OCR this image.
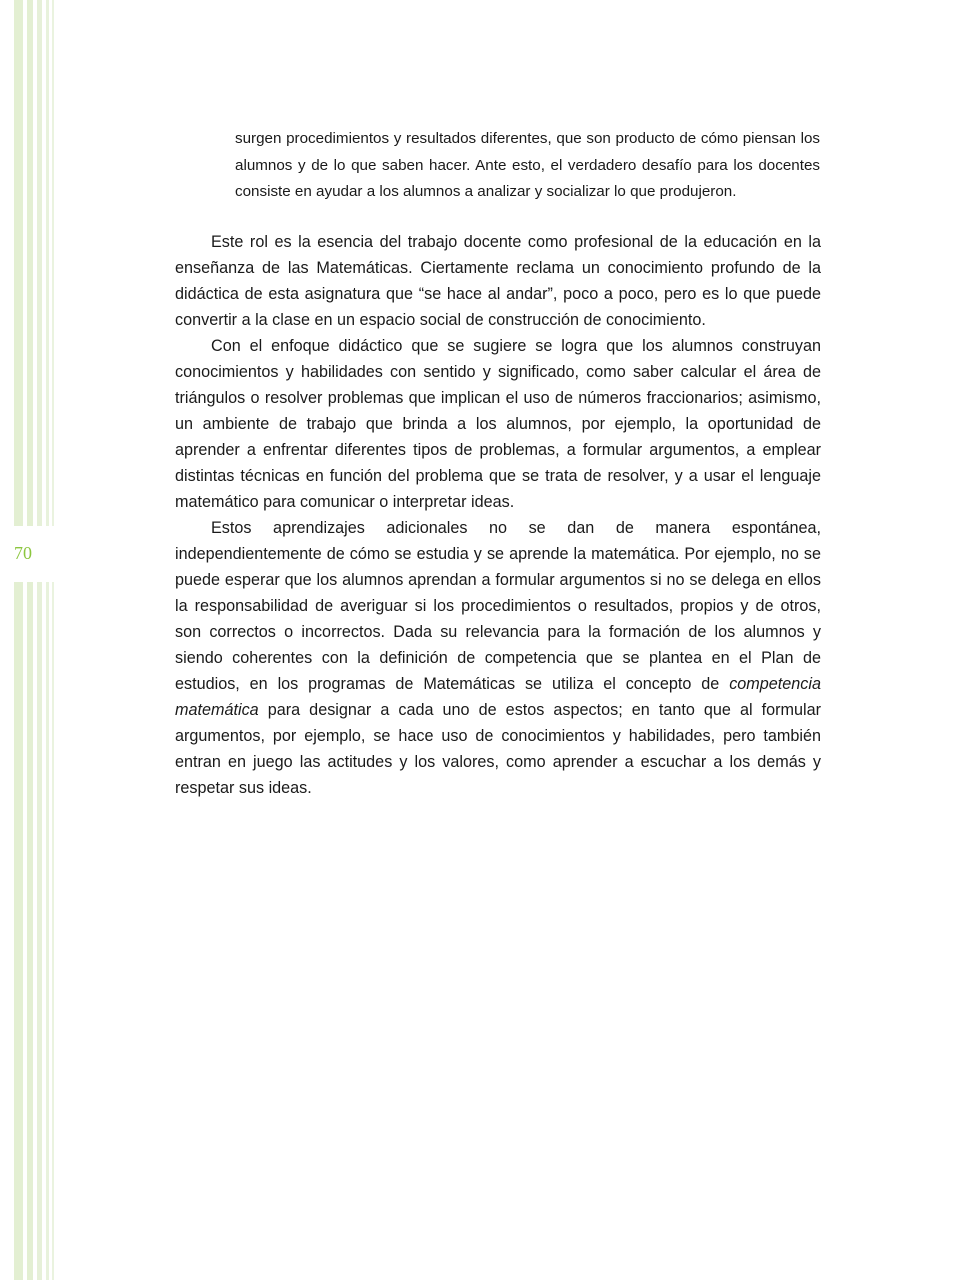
70
surgen procedimientos y resultados diferentes, que son producto de cómo piensan los alumnos y de lo que saben hacer. Ante esto, el verdadero desafío para los docentes consiste en ayudar a los alumnos a analizar y socializar lo que produjeron.

Este rol es la esencia del trabajo docente como profesional de la educación en la enseñanza de las Matemáticas. Ciertamente reclama un conocimiento profundo de la didáctica de esta asignatura que “se hace al andar”, poco a poco, pero es lo que puede convertir a la clase en un espacio social de construcción de conocimiento.

Con el enfoque didáctico que se sugiere se logra que los alumnos construyan conocimientos y habilidades con sentido y significado, como saber calcular el área de triángulos o resolver problemas que implican el uso de números fraccionarios; asimismo, un ambiente de trabajo que brinda a los alumnos, por ejemplo, la oportunidad de aprender a enfrentar diferentes tipos de problemas, a formular argumentos, a emplear distintas técnicas en función del problema que se trata de resolver, y a usar el lenguaje matemático para comunicar o interpretar ideas.

Estos aprendizajes adicionales no se dan de manera espontánea, independientemente de cómo se estudia y se aprende la matemática. Por ejemplo, no se puede esperar que los alumnos aprendan a formular argumentos si no se delega en ellos la responsabilidad de averiguar si los procedimientos o resultados, propios y de otros, son correctos o incorrectos. Dada su relevancia para la formación de los alumnos y siendo coherentes con la definición de competencia que se plantea en el Plan de estudios, en los programas de Matemáticas se utiliza el concepto de competencia matemática para designar a cada uno de estos aspectos; en tanto que al formular argumentos, por ejemplo, se hace uso de conocimientos y habilidades, pero también entran en juego las actitudes y los valores, como aprender a escuchar a los demás y respetar sus ideas.
